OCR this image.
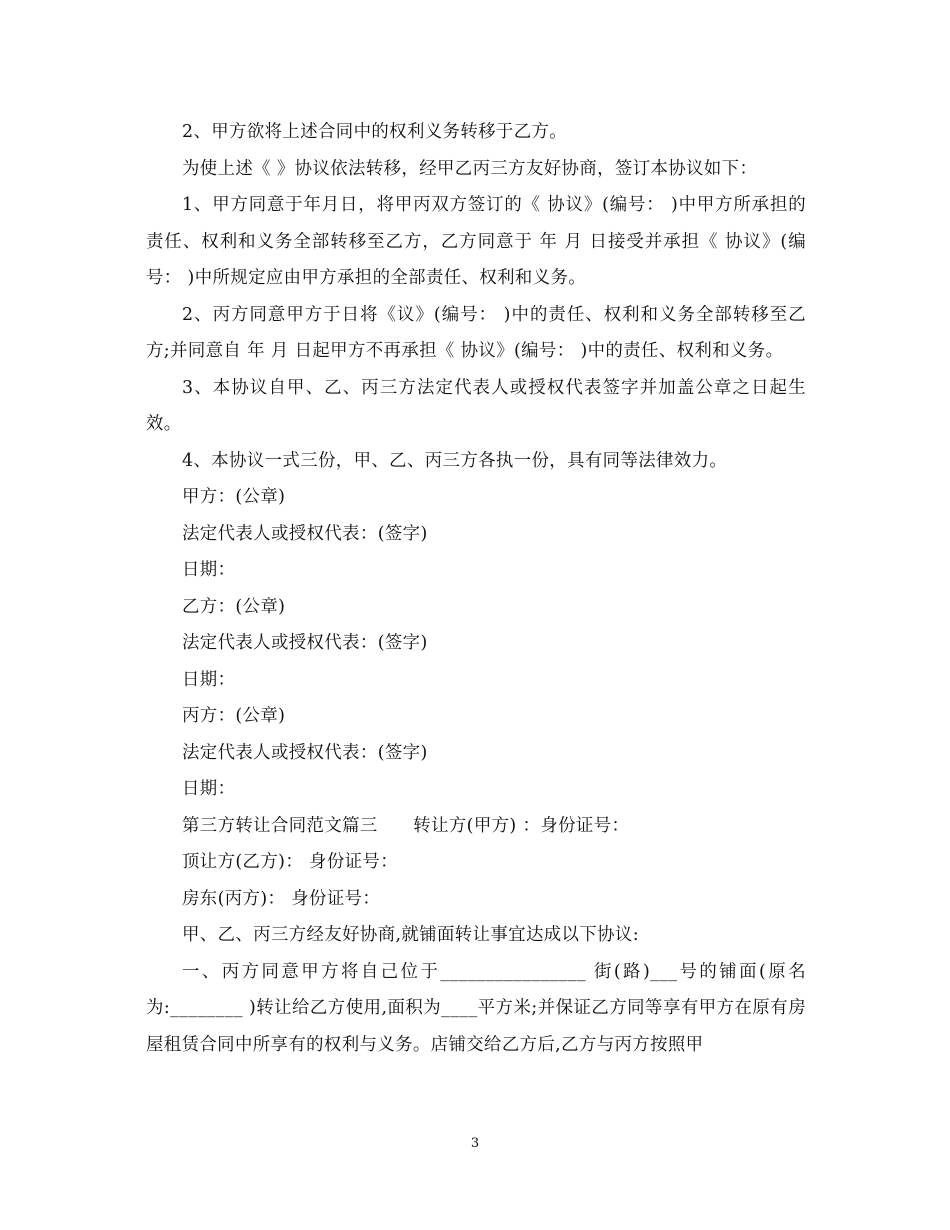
2、甲方欲将上述合同中的权利义务转移于乙方。

为使上述《 》协议依法转移，经甲乙丙三方友好协商，签订本协议如下：

1、甲方同意于年月日，将甲丙双方签订的《 协议》(编号： )中甲方所承担的责任、权利和义务全部转移至乙方，乙方同意于 年 月 日接受并承担《 协议》(编号： )中所规定应由甲方承担的全部责任、权利和义务。

2、丙方同意甲方于日将《议》(编号： )中的责任、权利和义务全部转移至乙方;并同意自 年 月 日起甲方不再承担《 协议》(编号： )中的责任、权利和义务。

3、本协议自甲、乙、丙三方法定代表人或授权代表签字并加盖公章之日起生效。

4、本协议一式三份，甲、乙、丙三方各执一份，具有同等法律效力。

甲方：(公章)

法定代表人或授权代表：(签字)

日期：

乙方：(公章)

法定代表人或授权代表：(签字)

日期：

丙方：(公章)

法定代表人或授权代表：(签字)

日期：

第三方转让合同范文篇三　　转让方(甲方) ：身份证号：

顶让方(乙方)： 身份证号：

房东(丙方)： 身份证号：

甲、乙、丙三方经友好协商,就铺面转让事宜达成以下协议:

一、丙方同意甲方将自己位于________________ 街(路)___号的铺面(原名为:________ )转让给乙方使用,面积为____平方米;并保证乙方同等享有甲方在原有房屋租赁合同中所享有的权利与义务。店铺交给乙方后,乙方与丙方按照甲

3
